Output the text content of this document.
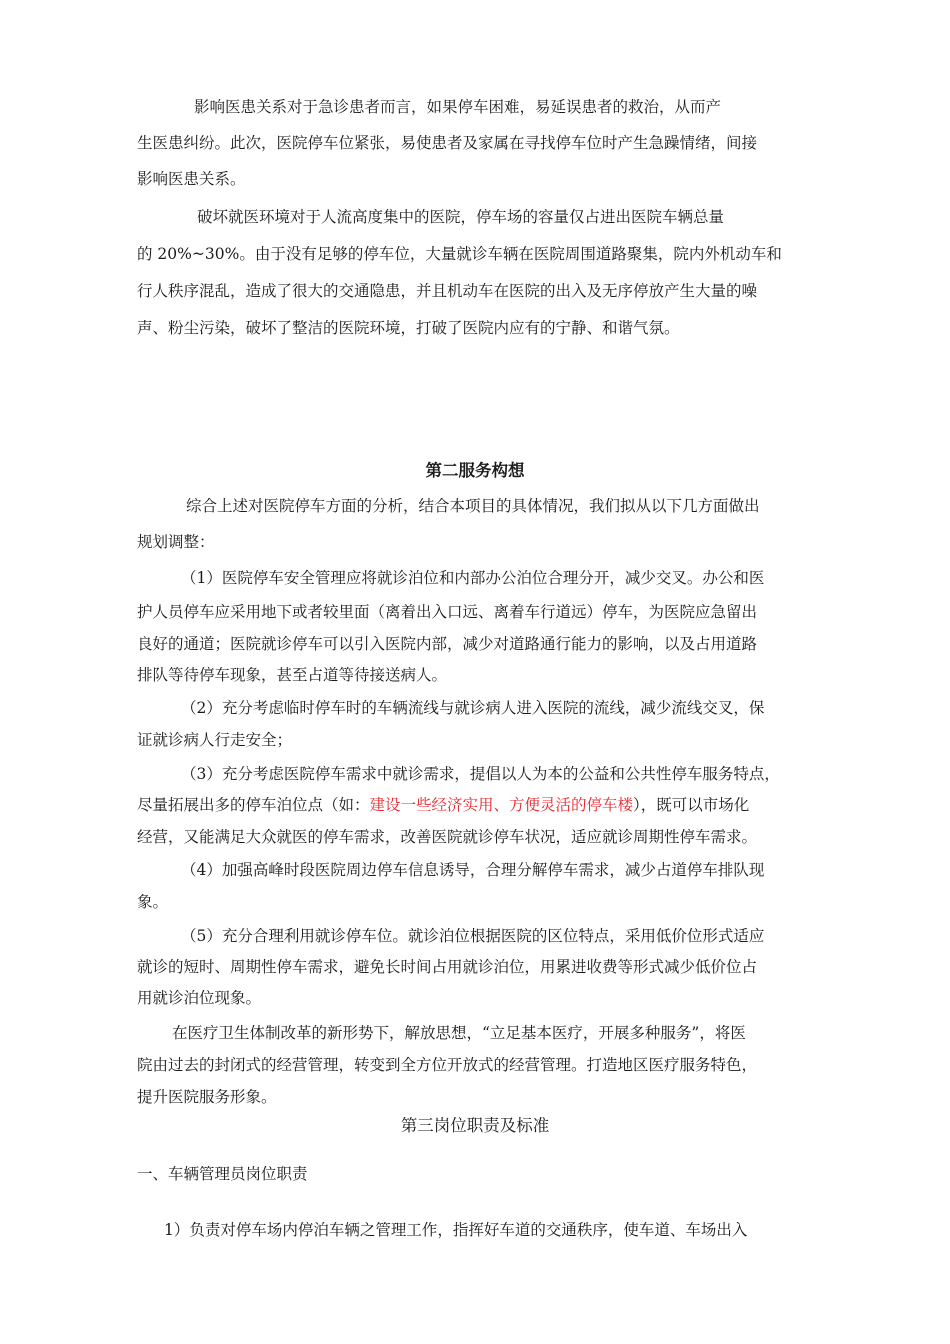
影响医患关系对于急诊患者而言，如果停车困难，易延误患者的救治，从而产
生医患纠纷。此次，医院停车位紧张，易使患者及家属在寻找停车位时产生急躁情绪，间接
影响医患关系。
破坏就医环境对于人流高度集中的医院，停车场的容量仅占进出医院车辆总量
的 20%~30%。由于没有足够的停车位，大量就诊车辆在医院周围道路聚集，院内外机动车和
行人秩序混乱，造成了很大的交通隐患，并且机动车在医院的出入及无序停放产生大量的噪
声、粉尘污染，破坏了整洁的医院环境，打破了医院内应有的宁静、和谐气氛。
第二服务构想
综合上述对医院停车方面的分析，结合本项目的具体情况，我们拟从以下几方面做出
规划调整：
（1）医院停车安全管理应将就诊泊位和内部办公泊位合理分开，减少交叉。办公和医
护人员停车应采用地下或者较里面（离着出入口远、离着车行道远）停车，为医院应急留出
良好的通道；医院就诊停车可以引入医院内部，减少对道路通行能力的影响，以及占用道路
排队等待停车现象，甚至占道等待接送病人。
（2）充分考虑临时停车时的车辆流线与就诊病人进入医院的流线，减少流线交叉，保
证就诊病人行走安全；
（3）充分考虑医院停车需求中就诊需求，提倡以人为本的公益和公共性停车服务特点，
尽量拓展出多的停车泊位点（如：建设一些经济实用、方便灵活的停车楼），既可以市场化
经营，又能满足大众就医的停车需求，改善医院就诊停车状况，适应就诊周期性停车需求。
（4）加强高峰时段医院周边停车信息诱导，合理分解停车需求，减少占道停车排队现
象。
（5）充分合理利用就诊停车位。就诊泊位根据医院的区位特点，采用低价位形式适应
就诊的短时、周期性停车需求，避免长时间占用就诊泊位，用累进收费等形式减少低价位占
用就诊泊位现象。
在医疗卫生体制改革的新形势下，解放思想，“立足基本医疗，开展多种服务”，将医
院由过去的封闭式的经营管理，转变到全方位开放式的经营管理。打造地区医疗服务特色，
提升医院服务形象。
第三岗位职责及标准
一、车辆管理员岗位职责
1）负责对停车场内停泊车辆之管理工作，指挥好车道的交通秩序，使车道、车场出入
